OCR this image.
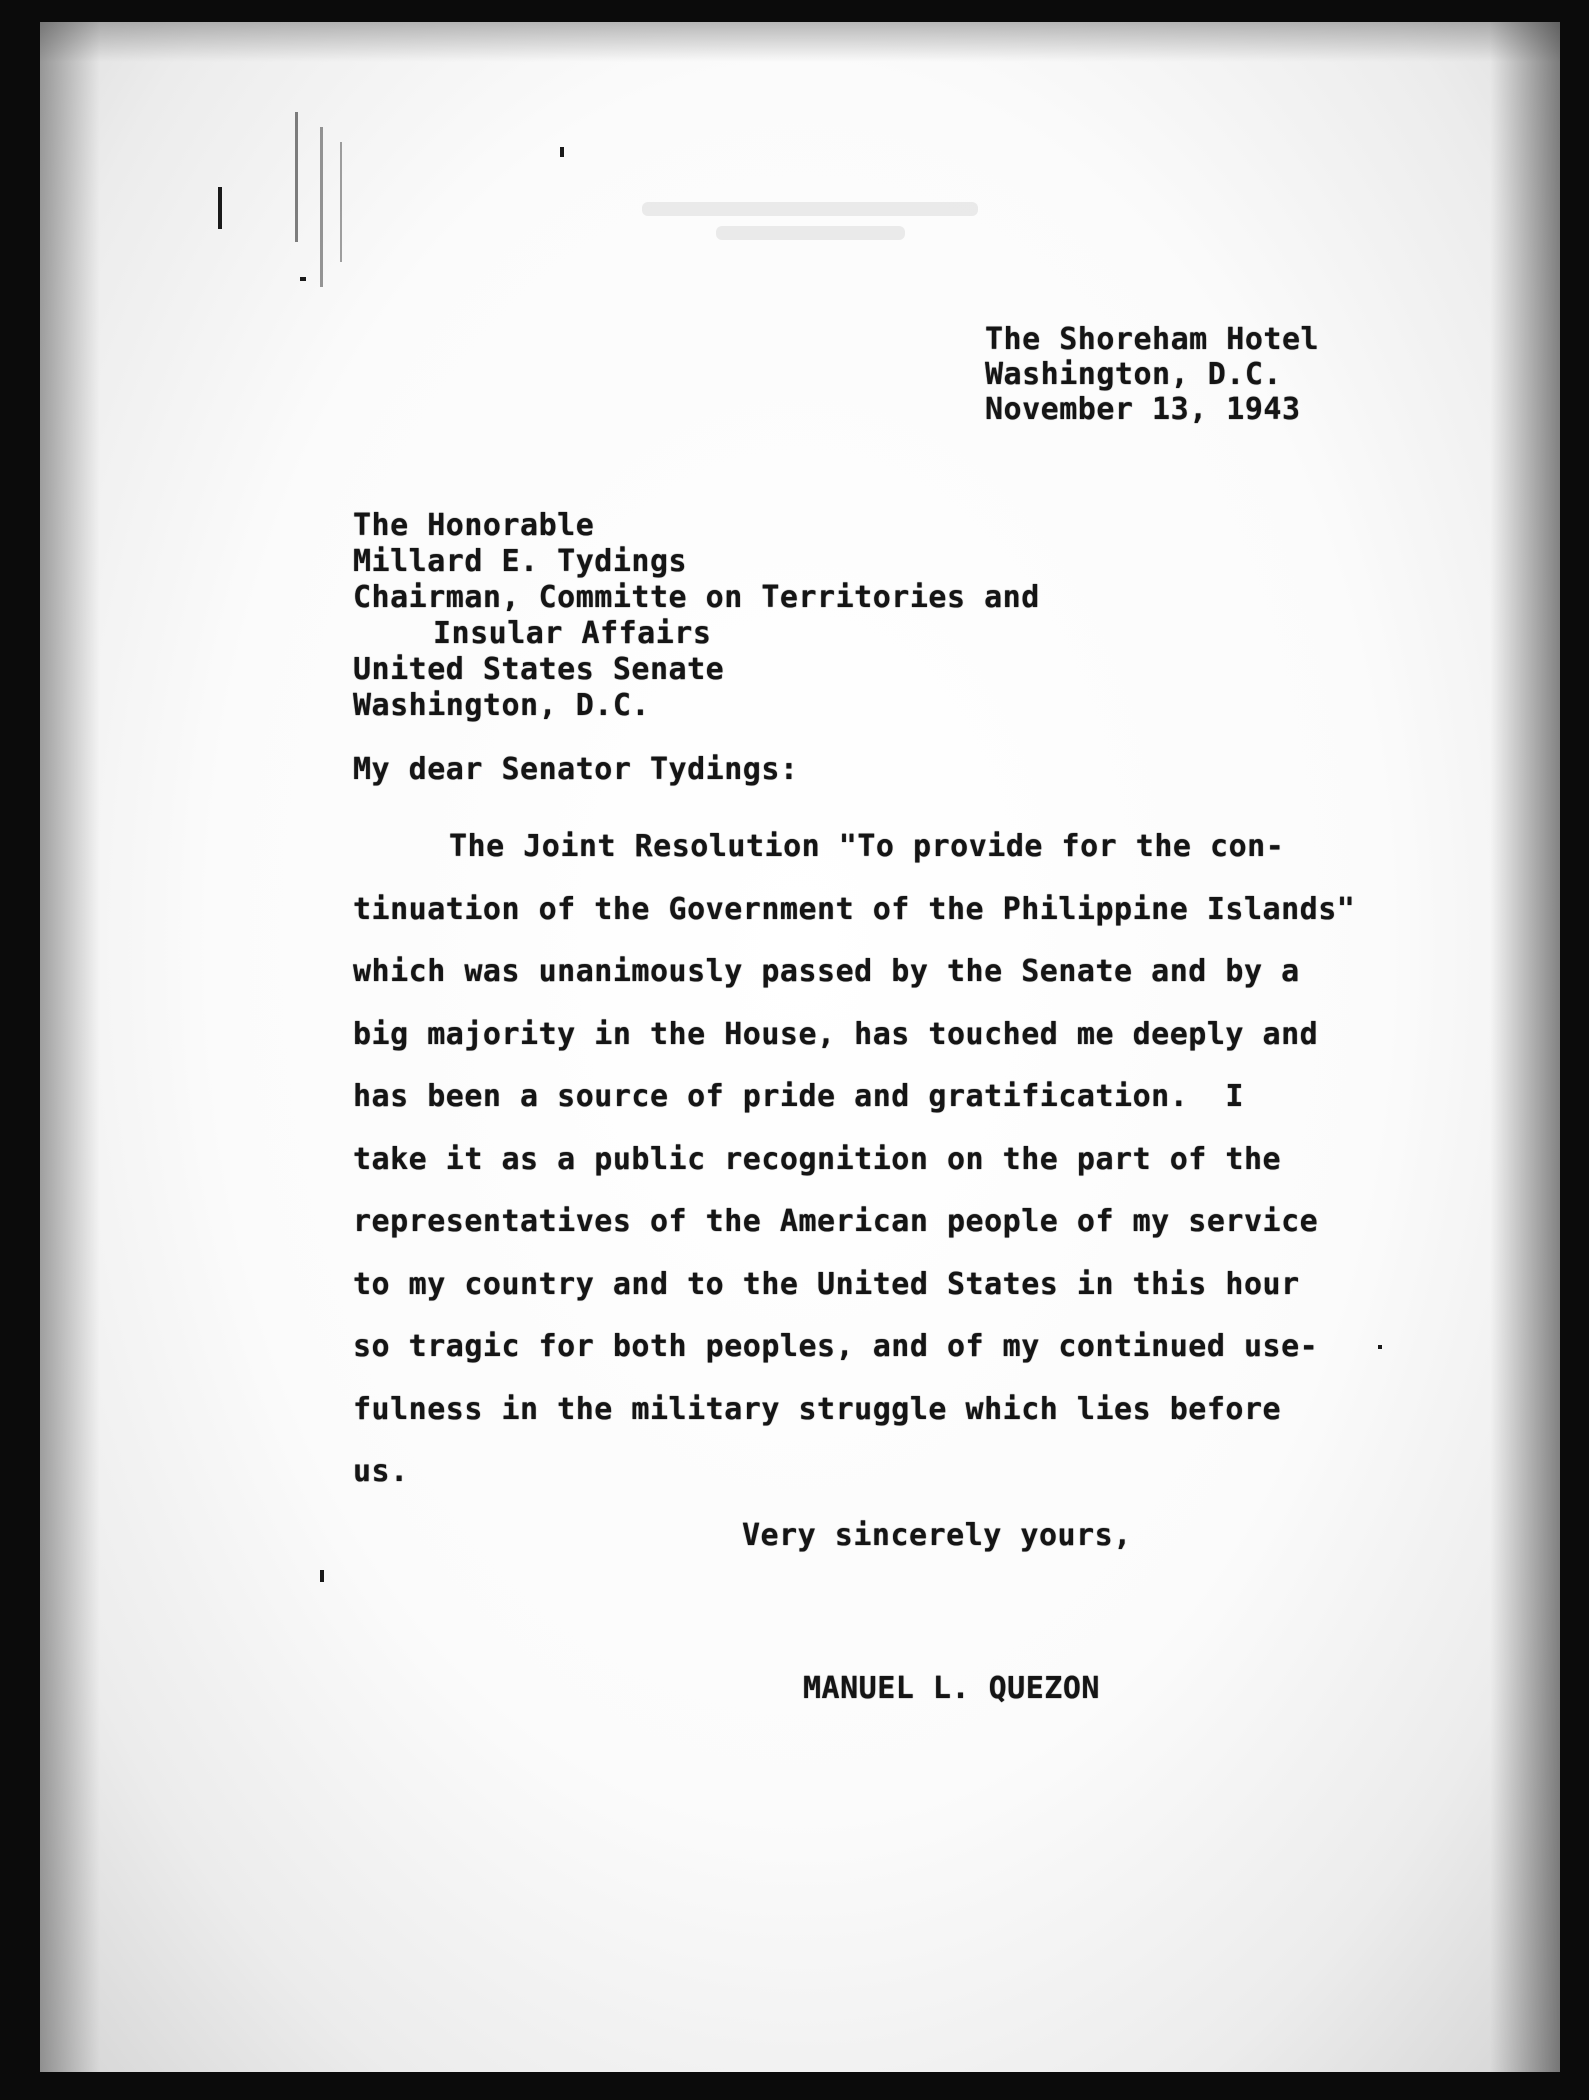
The Shoreham Hotel
Washington, D.C.
November 13, 1943
The Honorable
Millard E. Tydings
Chairman, Committe on Territories and
Insular Affairs
United States Senate
Washington, D.C.
My dear Senator Tydings:
The Joint Resolution "To provide for the con-
tinuation of the Government of the Philippine Islands"
which was unanimously passed by the Senate and by a
big majority in the House, has touched me deeply and
has been a source of pride and gratification.  I
take it as a public recognition on the part of the
representatives of the American people of my service
to my country and to the United States in this hour
so tragic for both peoples, and of my continued use-
fulness in the military struggle which lies before
us.
Very sincerely yours,
MANUEL L. QUEZON
